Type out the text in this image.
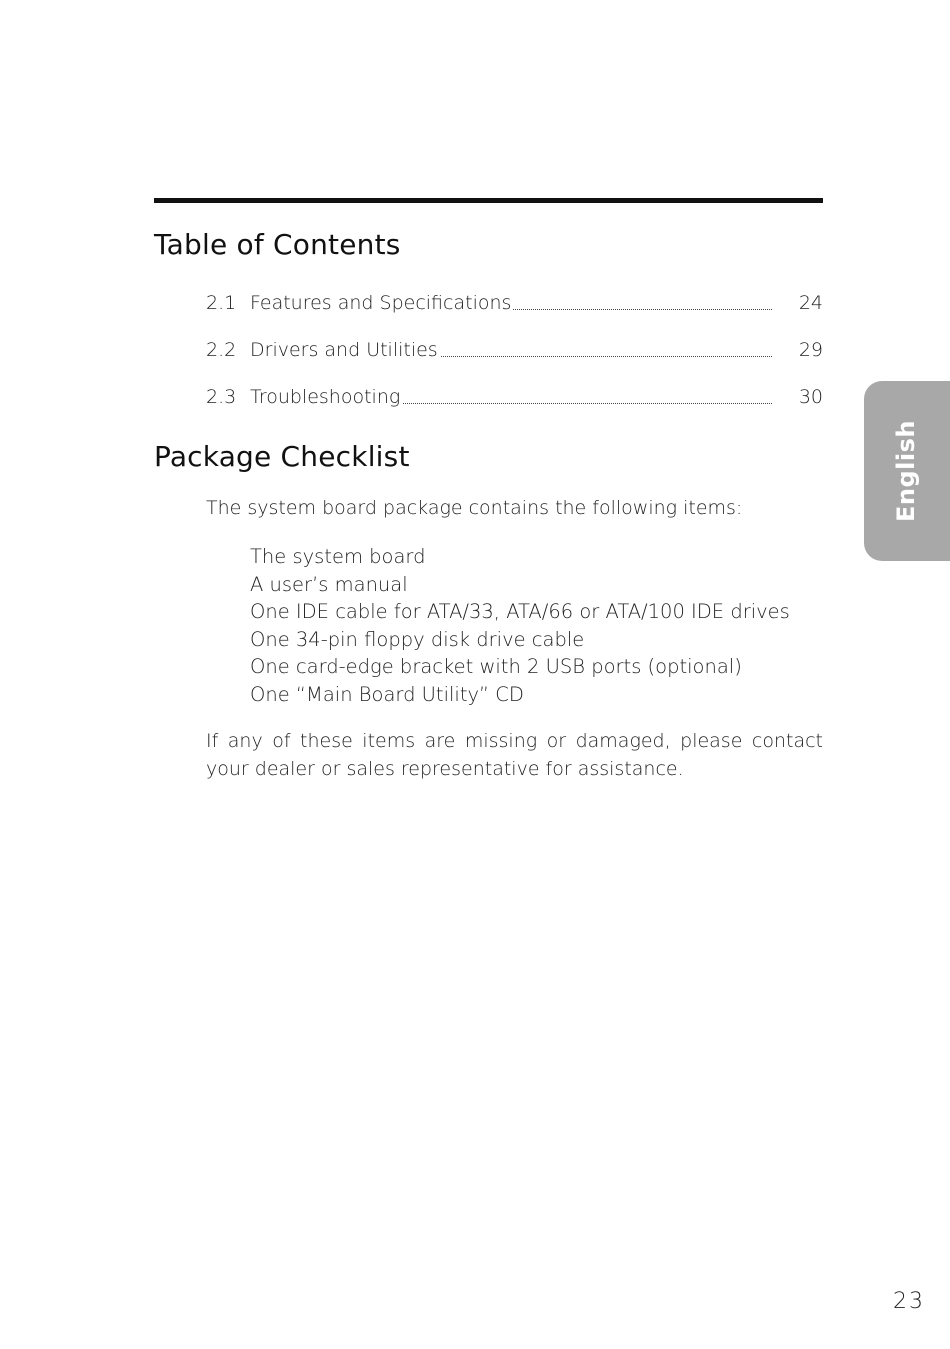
Table of Contents
2.1 Features and Specifications	24
2.2 Drivers and Utilities	29
2.3 Troubleshooting	30
Package Checklist

The system board package contains the following items:

The system board
A user’s manual
One IDE cable for ATA/33, ATA/66 or ATA/100 IDE drives
One 34-pin floppy disk drive cable
One card-edge bracket with 2 USB ports (optional)
One “Main Board Utility” CD

If any of these items are missing or damaged, please contact your dealer or sales representative for assistance.

English
23
